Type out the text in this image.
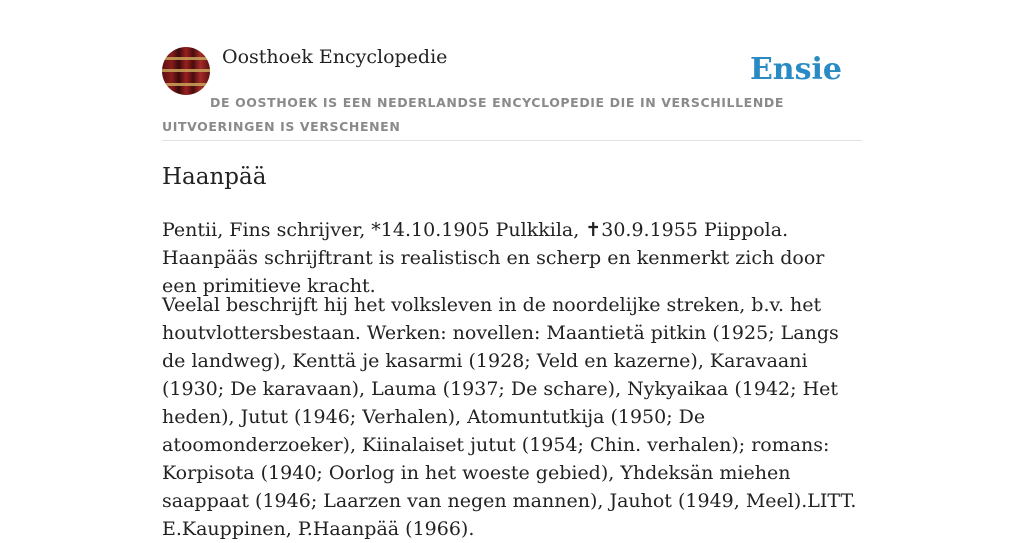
Oosthoek Encyclopedie	Ensie
DE OOSTHOEK IS EEN NEDERLANDSE ENCYCLOPEDIE DIE IN VERSCHILLENDE UITVOERINGEN IS VERSCHENEN
Haanpää

Pentii, Fins schrijver, *14.10.1905 Pulkkila, ✝30.9.1955 Piippola. Haanpääs schrijftrant is realistisch en scherp en kenmerkt zich door een primitieve kracht.

Veelal beschrijft hij het volksleven in de noordelijke streken, b.v. het houtvlottersbestaan. Werken: novellen: Maantietä pitkin (1925; Langs de landweg), Kenttä je kasarmi (1928; Veld en kazerne), Karavaani (1930; De karavaan), Lauma (1937; De schare), Nykyaikaa (1942; Het heden), Jutut (1946; Verhalen), Atomuntutkija (1950; De atoomonderzoeker), Kiinalaiset jutut (1954; Chin. verhalen); romans: Korpisota (1940; Oorlog in het woeste gebied), Yhdeksän miehen saappaat (1946; Laarzen van negen mannen), Jauhot (1949, Meel).LITT. E.Kauppinen, P.Haanpää (1966).
